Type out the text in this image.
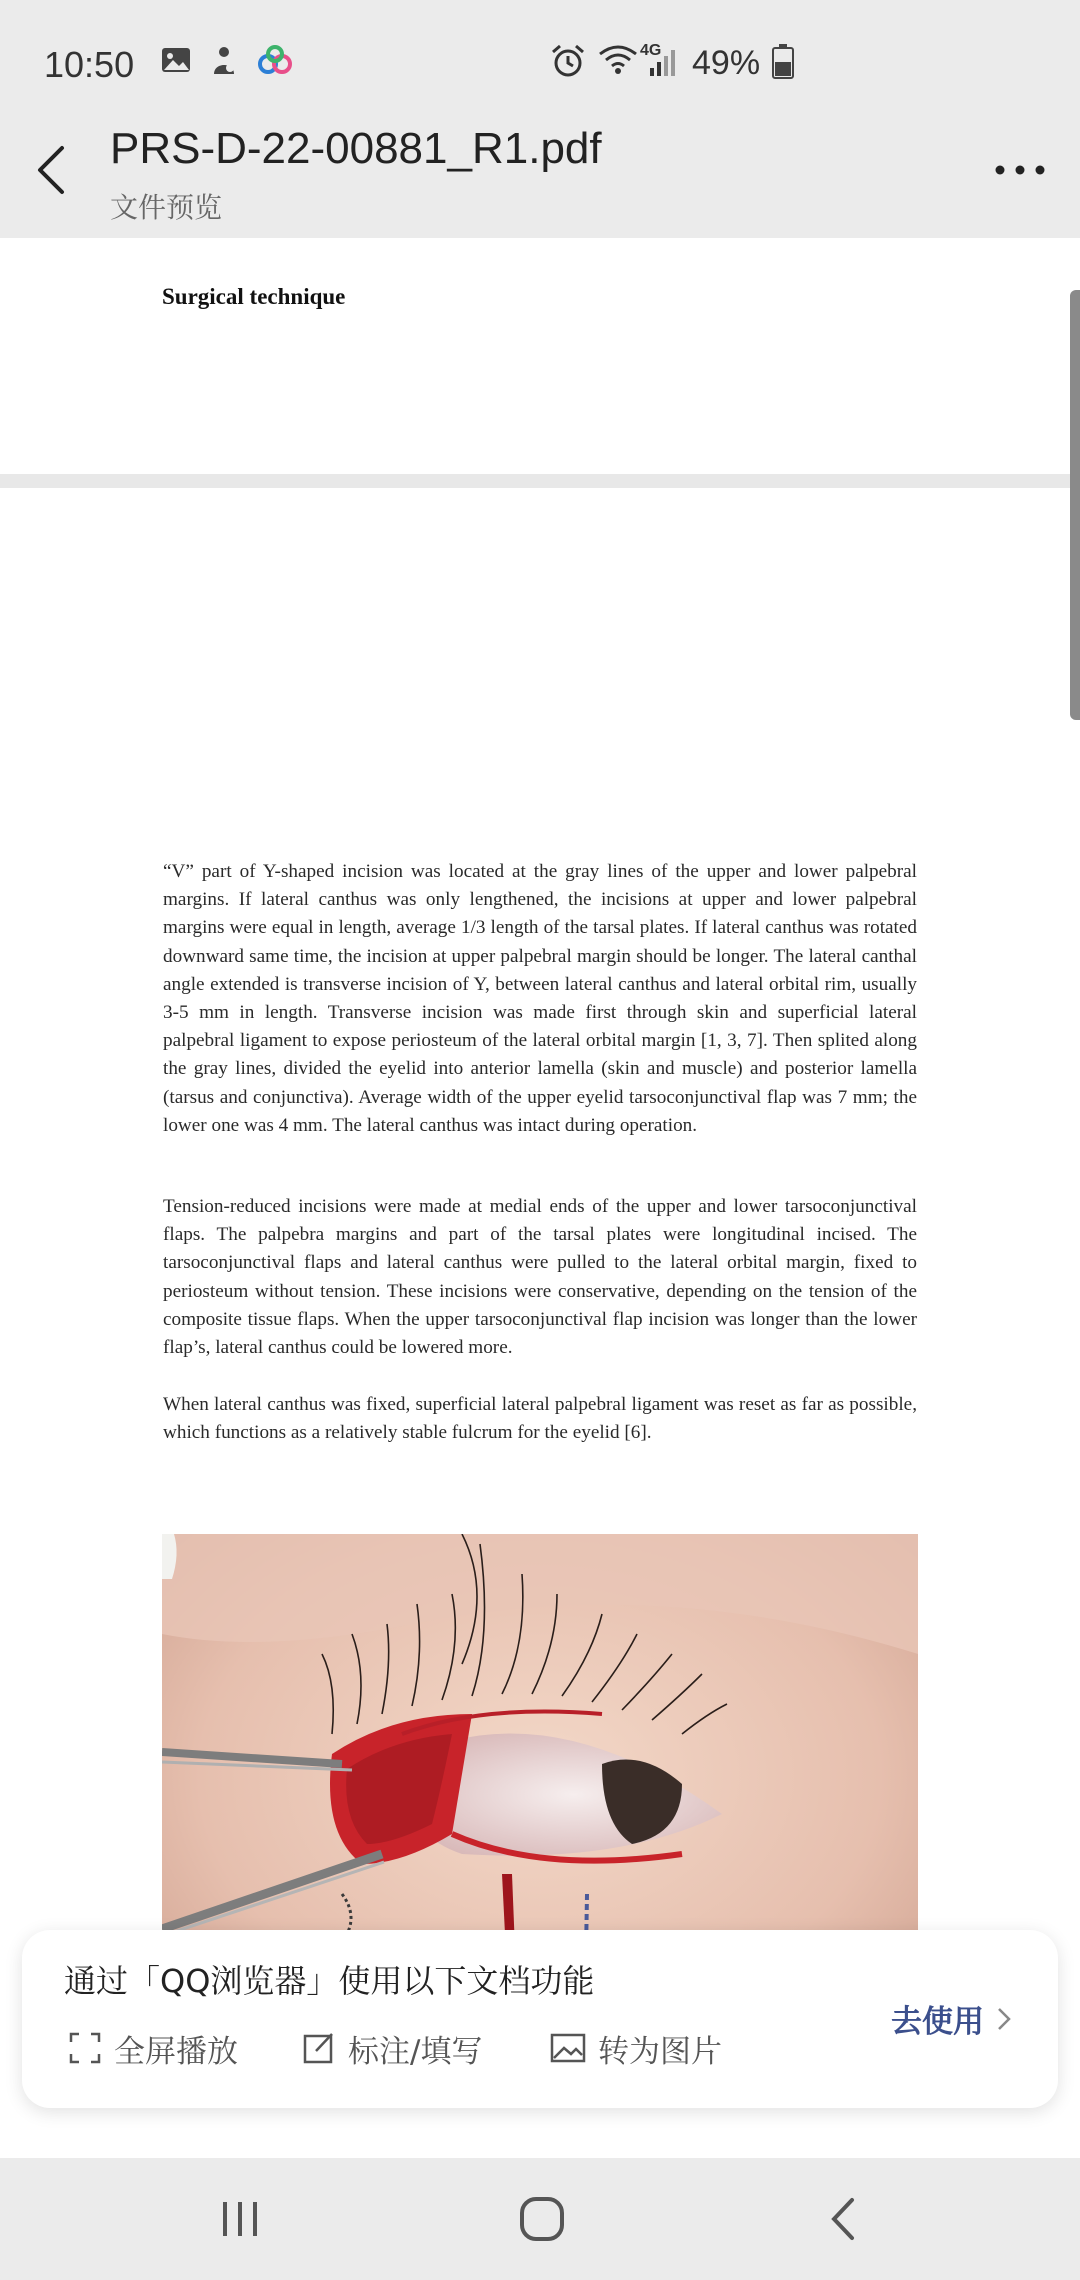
10:50	4G 49%
PRS-D-22-00881_R1.pdf
文件预览
Surgical technique

“V” part of Y-shaped incision was located at the gray lines of the upper and lower palpebral margins. If lateral canthus was only lengthened, the incisions at upper and lower palpebral margins were equal in length, average 1/3 length of the tarsal plates. If lateral canthus was rotated downward same time, the incision at upper palpebral margin should be longer. The lateral canthal angle extended is transverse incision of Y, between lateral canthus and lateral orbital rim, usually 3-5 mm in length. Transverse incision was made first through skin and superficial lateral palpebral ligament to expose periosteum of the lateral orbital margin [1, 3, 7]. Then splited along the gray lines, divided the eyelid into anterior lamella (skin and muscle) and posterior lamella (tarsus and conjunctiva). Average width of the upper eyelid tarsoconjunctival flap was 7 mm; the lower one was 4 mm. The lateral canthus was intact during operation.

Tension-reduced incisions were made at medial ends of the upper and lower tarsoconjunctival flaps. The palpebra margins and part of the tarsal plates were longitudinal incised. The tarsoconjunctival flaps and lateral canthus were pulled to the lateral orbital margin, fixed to periosteum without tension. These incisions were conservative, depending on the tension of the composite tissue flaps. When the upper tarsoconjunctival flap incision was longer than the lower flap’s, lateral canthus could be lowered more.

When lateral canthus was fixed, superficial lateral palpebral ligament was reset as far as possible, which functions as a relatively stable fulcrum for the eyelid [6].

通过「QQ浏览器」使用以下文档功能
全屏播放	标注/填写	转为图片
去使用
